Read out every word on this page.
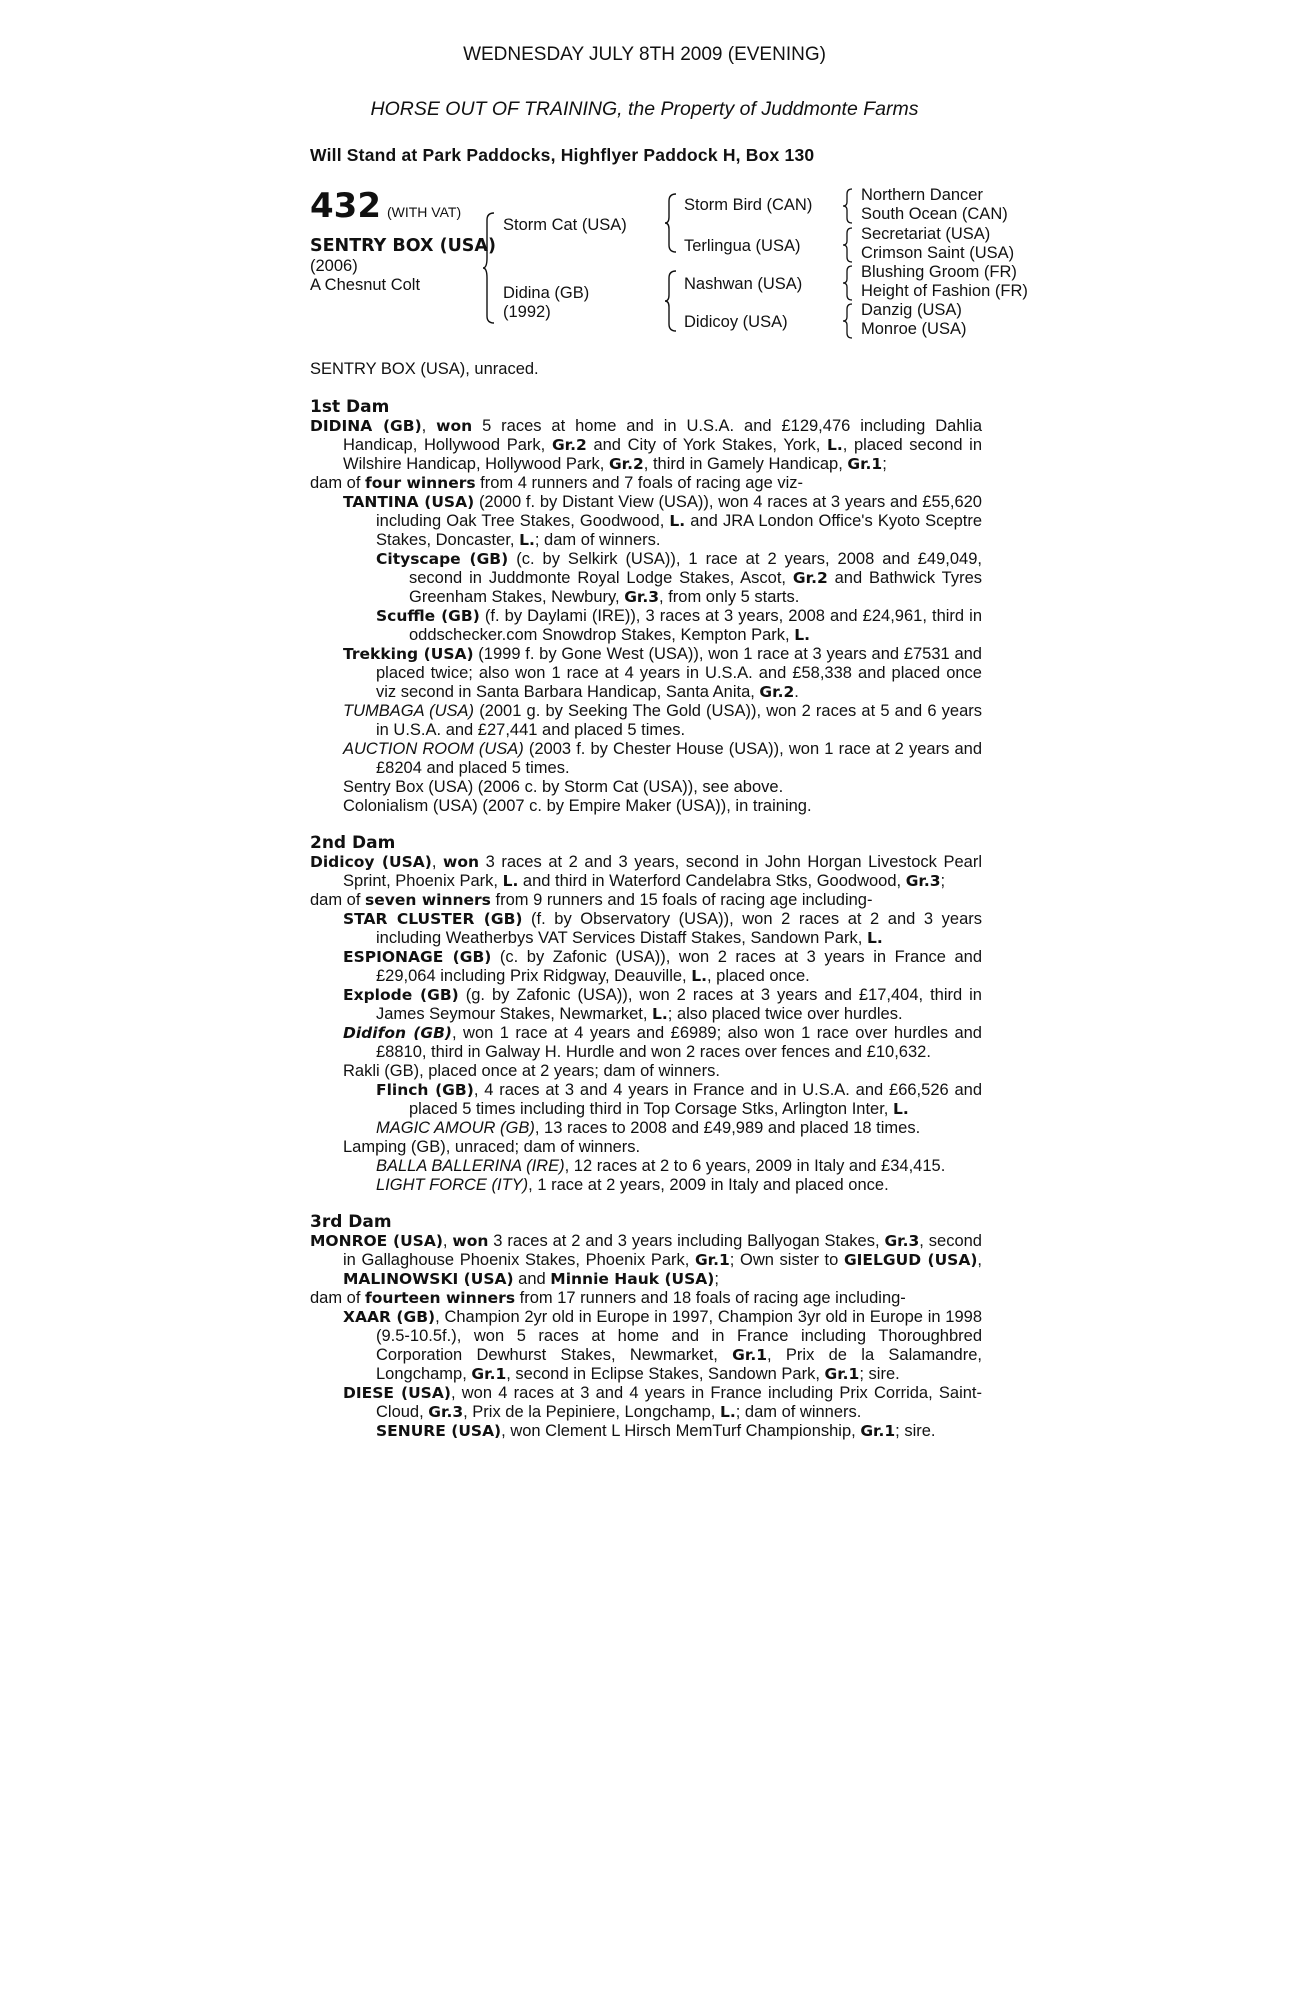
WEDNESDAY JULY 8TH 2009 (EVENING)
HORSE OUT OF TRAINING, the Property of Juddmonte Farms
Will Stand at Park Paddocks, Highflyer Paddock H, Box 130
432 (WITH VAT)
SENTRY BOX (USA)
(2006)
A Chesnut Colt
Storm Cat (USA)
Didina (GB)
(1992)
Storm Bird (CAN)
Terlingua (USA)
Nashwan (USA)
Didicoy (USA)
Northern Dancer
South Ocean (CAN)
Secretariat (USA)
Crimson Saint (USA)
Blushing Groom (FR)
Height of Fashion (FR)
Danzig (USA)
Monroe (USA)
SENTRY BOX (USA), unraced.
1st Dam
DIDINA (GB), won 5 races at home and in U.S.A. and £129,476 including Dahlia Handicap, Hollywood Park, Gr.2 and City of York Stakes, York, L., placed second in Wilshire Handicap, Hollywood Park, Gr.2, third in Gamely Handicap, Gr.1;
dam of four winners from 4 runners and 7 foals of racing age viz-
TANTINA (USA) (2000 f. by Distant View (USA)), won 4 races at 3 years and £55,620 including Oak Tree Stakes, Goodwood, L. and JRA London Office's Kyoto Sceptre Stakes, Doncaster, L.; dam of winners.
Cityscape (GB) (c. by Selkirk (USA)), 1 race at 2 years, 2008 and £49,049, second in Juddmonte Royal Lodge Stakes, Ascot, Gr.2 and Bathwick Tyres Greenham Stakes, Newbury, Gr.3, from only 5 starts.
Scuffle (GB) (f. by Daylami (IRE)), 3 races at 3 years, 2008 and £24,961, third in oddschecker.com Snowdrop Stakes, Kempton Park, L.
Trekking (USA) (1999 f. by Gone West (USA)), won 1 race at 3 years and £7531 and placed twice; also won 1 race at 4 years in U.S.A. and £58,338 and placed once viz second in Santa Barbara Handicap, Santa Anita, Gr.2.
TUMBAGA (USA) (2001 g. by Seeking The Gold (USA)), won 2 races at 5 and 6 years in U.S.A. and £27,441 and placed 5 times.
AUCTION ROOM (USA) (2003 f. by Chester House (USA)), won 1 race at 2 years and £8204 and placed 5 times.
Sentry Box (USA) (2006 c. by Storm Cat (USA)), see above.
Colonialism (USA) (2007 c. by Empire Maker (USA)), in training.
2nd Dam
Didicoy (USA), won 3 races at 2 and 3 years, second in John Horgan Livestock Pearl Sprint, Phoenix Park, L. and third in Waterford Candelabra Stks, Goodwood, Gr.3;
dam of seven winners from 9 runners and 15 foals of racing age including-
STAR CLUSTER (GB) (f. by Observatory (USA)), won 2 races at 2 and 3 years including Weatherbys VAT Services Distaff Stakes, Sandown Park, L.
ESPIONAGE (GB) (c. by Zafonic (USA)), won 2 races at 3 years in France and £29,064 including Prix Ridgway, Deauville, L., placed once.
Explode (GB) (g. by Zafonic (USA)), won 2 races at 3 years and £17,404, third in James Seymour Stakes, Newmarket, L.; also placed twice over hurdles.
Didifon (GB), won 1 race at 4 years and £6989; also won 1 race over hurdles and £8810, third in Galway H. Hurdle and won 2 races over fences and £10,632.
Rakli (GB), placed once at 2 years; dam of winners.
Flinch (GB), 4 races at 3 and 4 years in France and in U.S.A. and £66,526 and placed 5 times including third in Top Corsage Stks, Arlington Inter, L.
MAGIC AMOUR (GB), 13 races to 2008 and £49,989 and placed 18 times.
Lamping (GB), unraced; dam of winners.
BALLA BALLERINA (IRE), 12 races at 2 to 6 years, 2009 in Italy and £34,415.
LIGHT FORCE (ITY), 1 race at 2 years, 2009 in Italy and placed once.
3rd Dam
MONROE (USA), won 3 races at 2 and 3 years including Ballyogan Stakes, Gr.3, second in Gallaghouse Phoenix Stakes, Phoenix Park, Gr.1; Own sister to GIELGUD (USA), MALINOWSKI (USA) and Minnie Hauk (USA);
dam of fourteen winners from 17 runners and 18 foals of racing age including-
XAAR (GB), Champion 2yr old in Europe in 1997, Champion 3yr old in Europe in 1998 (9.5-10.5f.), won 5 races at home and in France including Thoroughbred Corporation Dewhurst Stakes, Newmarket, Gr.1, Prix de la Salamandre, Longchamp, Gr.1, second in Eclipse Stakes, Sandown Park, Gr.1; sire.
DIESE (USA), won 4 races at 3 and 4 years in France including Prix Corrida, Saint-Cloud, Gr.3, Prix de la Pepiniere, Longchamp, L.; dam of winners.
SENURE (USA), won Clement L Hirsch MemTurf Championship, Gr.1; sire.
